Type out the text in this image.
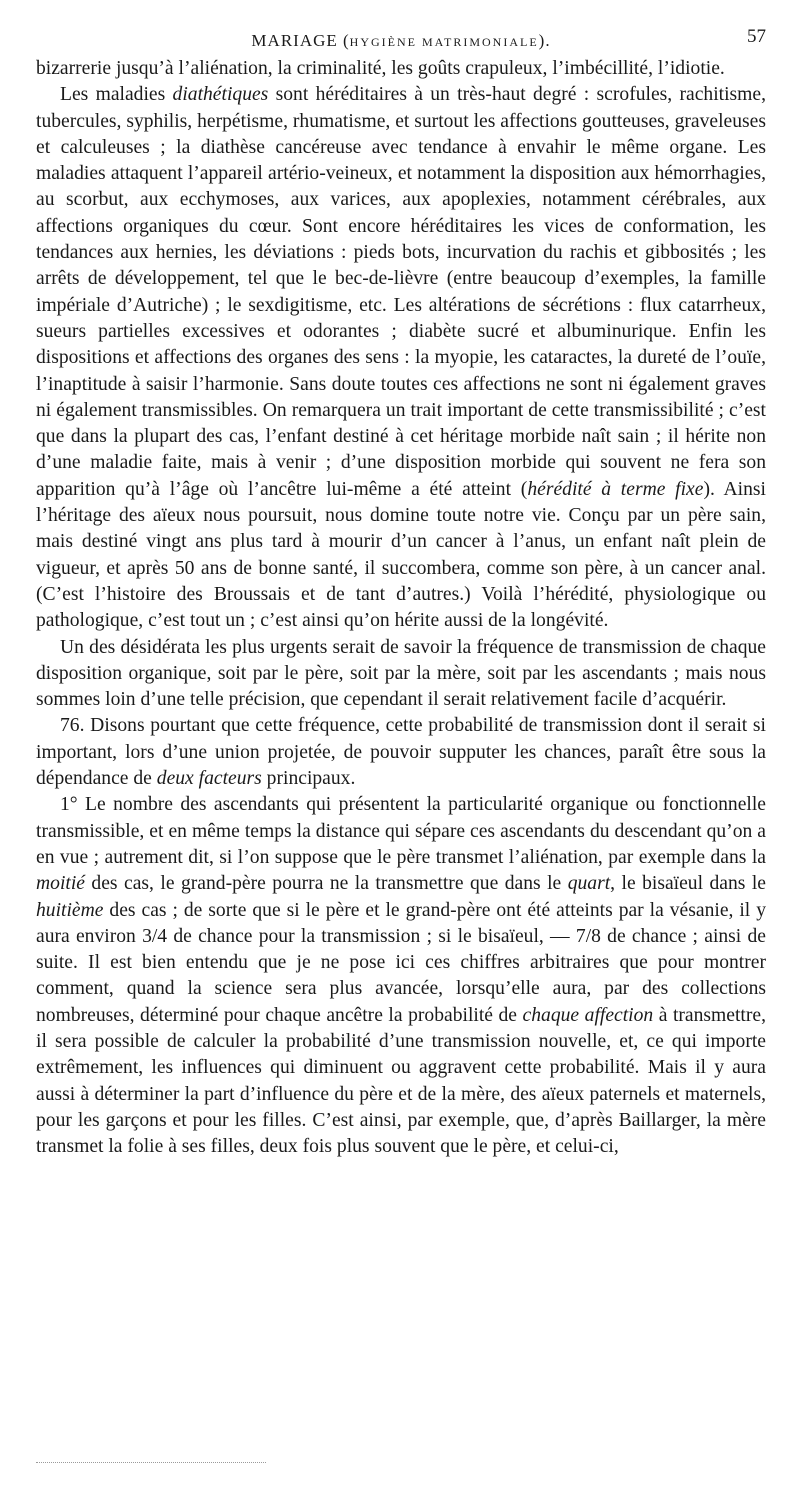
MARIAGE (HYGIÈNE MATRIMONIALE).	57

bizarrerie jusqu’à l’aliénation, la criminalité, les goûts crapuleux, l’imbécillité, l’idiotie.

Les maladies diathétiques sont héréditaires à un très-haut degré : scrofules, rachitisme, tubercules, syphilis, herpétisme, rhumatisme, et surtout les affections goutteuses, graveleuses et calculeuses ; la diathèse cancéreuse avec tendance à envahir le même organe. Les maladies attaquent l’appareil artério-veineux, et notamment la disposition aux hémorrhagies, au scorbut, aux ecchymoses, aux varices, aux apoplexies, notamment cérébrales, aux affections organiques du cœur. Sont encore héréditaires les vices de conformation, les tendances aux hernies, les déviations : pieds bots, incurvation du rachis et gibbosités ; les arrêts de développement, tel que le bec-de-lièvre (entre beaucoup d’exemples, la famille impériale d’Autriche) ; le sexdigitisme, etc. Les altérations de sécrétions : flux catarrheux, sueurs partielles excessives et odorantes ; diabète sucré et albuminurique. Enfin les dispositions et affections des organes des sens : la myopie, les cataractes, la dureté de l’ouïe, l’inaptitude à saisir l’harmonie. Sans doute toutes ces affections ne sont ni également graves ni également transmissibles. On remarquera un trait important de cette transmissibilité ; c’est que dans la plupart des cas, l’enfant destiné à cet héritage morbide naît sain ; il hérite non d’une maladie faite, mais à venir ; d’une disposition morbide qui souvent ne fera son apparition qu’à l’âge où l’ancêtre lui-même a été atteint (hérédité à terme fixe). Ainsi l’héritage des aïeux nous poursuit, nous domine toute notre vie. Conçu par un père sain, mais destiné vingt ans plus tard à mourir d’un cancer à l’anus, un enfant naît plein de vigueur, et après 50 ans de bonne santé, il succombera, comme son père, à un cancer anal. (C’est l’histoire des Broussais et de tant d’autres.) Voilà l’hérédité, physiologique ou pathologique, c’est tout un ; c’est ainsi qu’on hérite aussi de la longévité.

Un des désidérata les plus urgents serait de savoir la fréquence de transmission de chaque disposition organique, soit par le père, soit par la mère, soit par les ascendants ; mais nous sommes loin d’une telle précision, que cependant il serait relativement facile d’acquérir.

76. Disons pourtant que cette fréquence, cette probabilité de transmission dont il serait si important, lors d’une union projetée, de pouvoir supputer les chances, paraît être sous la dépendance de deux facteurs principaux.

1° Le nombre des ascendants qui présentent la particularité organique ou fonctionnelle transmissible, et en même temps la distance qui sépare ces ascendants du descendant qu’on a en vue ; autrement dit, si l’on suppose que le père transmet l’aliénation, par exemple dans la moitié des cas, le grand-père pourra ne la transmettre que dans le quart, le bisaïeul dans le huitième des cas ; de sorte que si le père et le grand-père ont été atteints par la vésanie, il y aura environ 3/4 de chance pour la transmission ; si le bisaïeul, — 7/8 de chance ; ainsi de suite. Il est bien entendu que je ne pose ici ces chiffres arbitraires que pour montrer comment, quand la science sera plus avancée, lorsqu’elle aura, par des collections nombreuses, déterminé pour chaque ancêtre la probabilité de chaque affection à transmettre, il sera possible de calculer la probabilité d’une transmission nouvelle, et, ce qui importe extrêmement, les influences qui diminuent ou aggravent cette probabilité. Mais il y aura aussi à déterminer la part d’influence du père et de la mère, des aïeux paternels et maternels, pour les garçons et pour les filles. C’est ainsi, par exemple, que, d’après Baillarger, la mère transmet la folie à ses filles, deux fois plus souvent que le père, et celui-ci,
